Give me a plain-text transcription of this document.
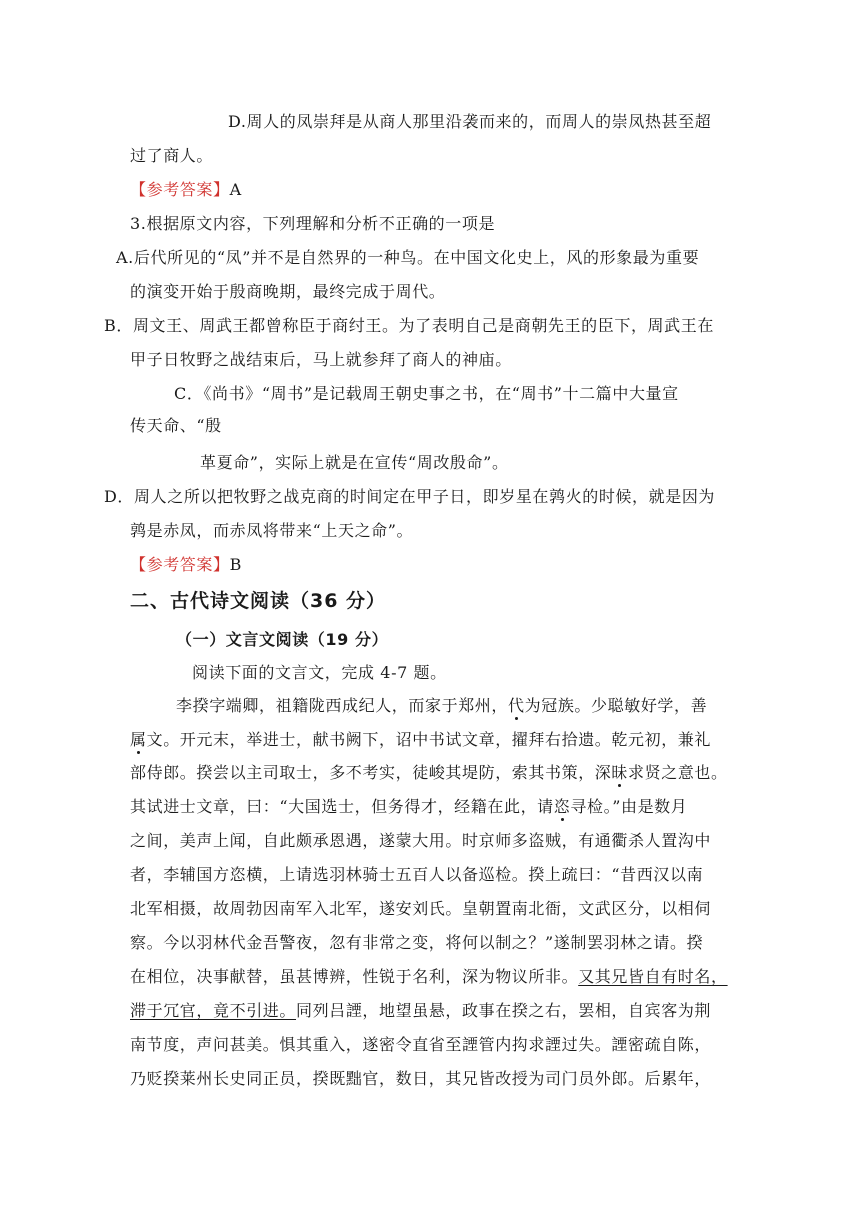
D.周人的凤崇拜是从商人那里沿袭而来的，而周人的崇凤热甚至超
过了商人。
【参考答案】A
3.根据原文内容，下列理解和分析不正确的一项是
A.后代所见的“凤”并不是自然界的一种鸟。在中国文化史上，风的形象最为重要
的演变开始于殷商晚期，最终完成于周代。
B．周文王、周武王都曾称臣于商纣王。为了表明自己是商朝先王的臣下，周武王在
甲子日牧野之战结束后，马上就参拜了商人的神庙。
C．《尚书》“周书”是记载周王朝史事之书，在“周书”十二篇中大量宣
传天命、“殷
革夏命”，实际上就是在宣传“周改殷命”。
D．周人之所以把牧野之战克商的时间定在甲子日，即岁星在鹑火的时候，就是因为
鹑是赤凤，而赤凤将带来“上天之命”。
【参考答案】B
二、古代诗文阅读（36 分）
（一）文言文阅读（19 分）
阅读下面的文言文，完成 4-7 题。
李揆字端卿，祖籍陇西成纪人，而家于郑州，代为冠族。少聪敏好学，善
属文。开元末，举进士，献书阙下，诏中书试文章，擢拜右拾遗。乾元初，兼礼
部侍郎。揆尝以主司取士，多不考实，徒峻其堤防，索其书策，深昧求贤之意也。
其试进士文章，曰：“大国选士，但务得才，经籍在此，请恣寻检。”由是数月
之间，美声上闻，自此颇承恩遇，遂蒙大用。时京师多盗贼，有通衢杀人置沟中
者，李辅国方恣横，上请选羽林骑士五百人以备巡检。揆上疏曰：“昔西汉以南
北军相摄，故周勃因南军入北军，遂安刘氏。皇朝置南北衙，文武区分，以相伺
察。今以羽林代金吾警夜，忽有非常之变，将何以制之？”遂制罢羽林之请。揆
在相位，决事献替，虽甚博辨，性锐于名利，深为物议所非。又其兄皆自有时名，
滞于冗官，竟不引进。同列吕諲，地望虽悬，政事在揆之右，罢相，自宾客为荆
南节度，声问甚美。惧其重入，遂密令直省至諲管内抅求諲过失。諲密疏自陈，
乃贬揆莱州长史同正员，揆既黜官，数日，其兄皆改授为司门员外郎。后累年，
